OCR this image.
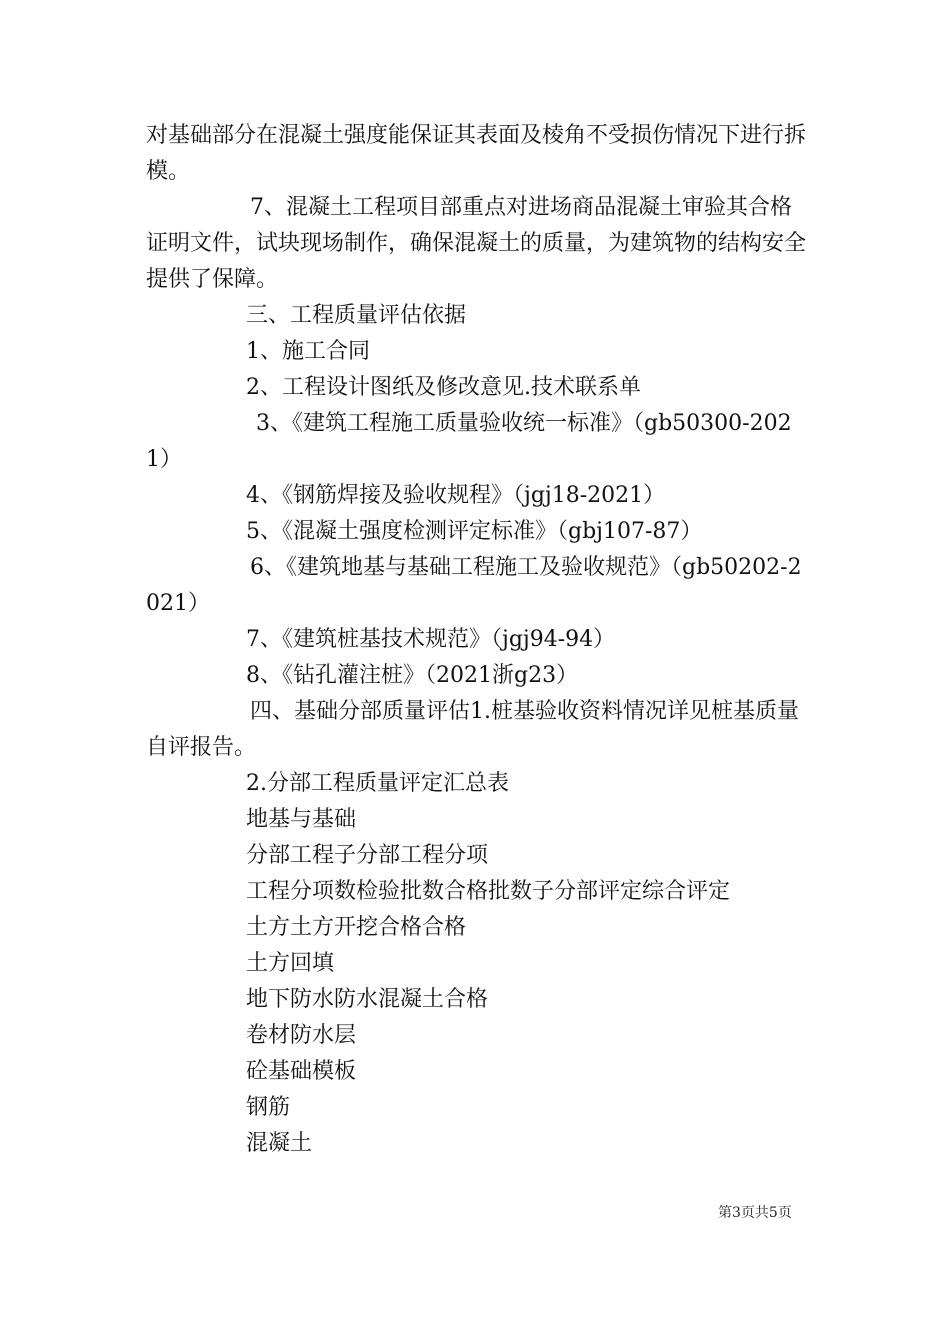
对基础部分在混凝土强度能保证其表面及棱角不受损伤情况下进行拆模。

7、混凝土工程项目部重点对进场商品混凝土审验其合格证明文件，试块现场制作，确保混凝土的质量，为建筑物的结构安全提供了保障。

三、工程质量评估依据

1、施工合同

2、工程设计图纸及修改意见.技术联系单

3、《建筑工程施工质量验收统一标准》（gb50300-2021）

4、《钢筋焊接及验收规程》（jgj18-2021）

5、《混凝土强度检测评定标准》（gbj107-87）

6、《建筑地基与基础工程施工及验收规范》（gb50202-2021）

7、《建筑桩基技术规范》（jgj94-94）

8、《钻孔灌注桩》（2021浙g23）

四、基础分部质量评估1.桩基验收资料情况详见桩基质量自评报告。

2.分部工程质量评定汇总表

地基与基础

分部工程子分部工程分项

工程分项数检验批数合格批数子分部评定综合评定

土方土方开挖合格合格

土方回填

地下防水防水混凝土合格

卷材防水层

砼基础模板

钢筋

混凝土

第3页共5页
